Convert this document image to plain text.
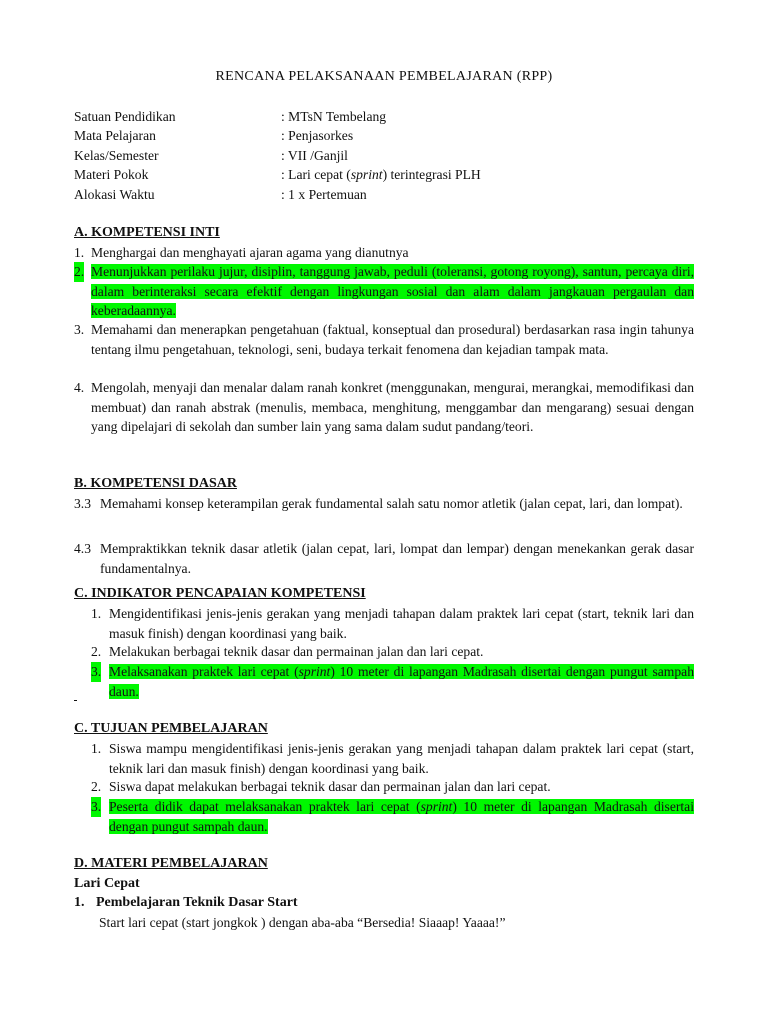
RENCANA PELAKSANAAN PEMBELAJARAN (RPP)
Satuan Pendidikan	: MTsN Tembelang
Mata Pelajaran	: Penjasorkes
Kelas/Semester	: VII /Ganjil
Materi Pokok	: Lari cepat (sprint) terintegrasi PLH
Alokasi Waktu	: 1 x Pertemuan
A. KOMPETENSI INTI
1. Menghargai dan menghayati ajaran agama yang dianutnya
2. Menunjukkan perilaku jujur, disiplin, tanggung jawab, peduli (toleransi, gotong royong), santun, percaya diri, dalam berinteraksi secara efektif dengan lingkungan sosial dan alam dalam jangkauan pergaulan dan keberadaannya.
3. Memahami dan menerapkan pengetahuan (faktual, konseptual dan prosedural) berdasarkan rasa ingin tahunya tentang ilmu pengetahuan, teknologi, seni, budaya terkait fenomena dan kejadian tampak mata.
4. Mengolah, menyaji dan menalar dalam ranah konkret (menggunakan, mengurai, merangkai, memodifikasi dan membuat) dan ranah abstrak (menulis, membaca, menghitung, menggambar dan mengarang) sesuai dengan yang dipelajari di sekolah dan sumber lain yang sama dalam sudut pandang/teori.
B. KOMPETENSI DASAR
3.3 Memahami konsep keterampilan gerak fundamental salah satu nomor atletik (jalan cepat, lari, dan lompat).
4.3 Mempraktikkan teknik dasar atletik (jalan cepat, lari, lompat dan lempar) dengan menekankan gerak dasar fundamentalnya.
C. INDIKATOR PENCAPAIAN KOMPETENSI
1. Mengidentifikasi jenis-jenis gerakan yang menjadi tahapan dalam praktek lari cepat (start, teknik lari dan masuk finish) dengan koordinasi yang baik.
2. Melakukan berbagai teknik dasar dan permainan jalan dan lari cepat.
3. Melaksanakan praktek lari cepat (sprint) 10 meter di lapangan Madrasah disertai dengan pungut sampah daun.
C. TUJUAN PEMBELAJARAN
1. Siswa mampu mengidentifikasi jenis-jenis gerakan yang menjadi tahapan dalam praktek lari cepat (start, teknik lari dan masuk finish) dengan koordinasi yang baik.
2. Siswa dapat melakukan berbagai teknik dasar dan permainan jalan dan lari cepat.
3. Peserta didik dapat melaksanakan praktek lari cepat (sprint) 10 meter di lapangan Madrasah disertai dengan pungut sampah daun.
D. MATERI PEMBELAJARAN
Lari Cepat
1. Pembelajaran Teknik Dasar Start
Start lari cepat (start jongkok ) dengan aba-aba “Bersedia! Siaaap! Yaaaa!”
